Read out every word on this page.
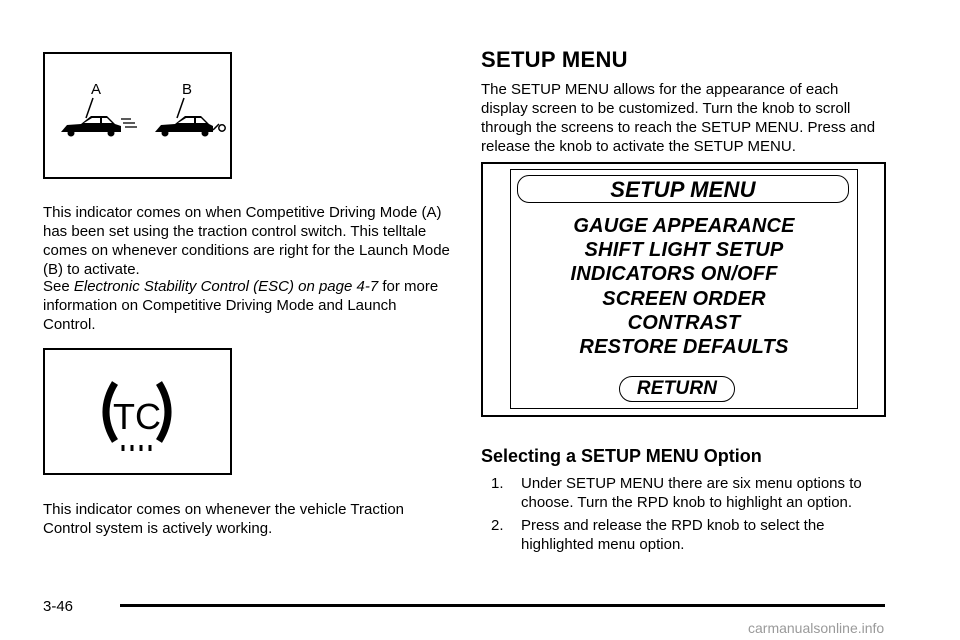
A	B
This indicator comes on when Competitive Driving Mode (A) has been set using the traction control switch. This telltale comes on whenever conditions are right for the Launch Mode (B) to activate.
See Electronic Stability Control (ESC) on page 4-7 for more information on Competitive Driving Mode and Launch Control.
TC
This indicator comes on whenever the vehicle Traction Control system is actively working.
SETUP MENU
The SETUP MENU allows for the appearance of each display screen to be customized. Turn the knob to scroll through the screens to reach the SETUP MENU. Press and release the knob to activate the SETUP MENU.
SETUP MENU
GAUGE APPEARANCE
SHIFT LIGHT SETUP
INDICATORS ON/OFF
SCREEN ORDER
CONTRAST
RESTORE DEFAULTS
RETURN
Selecting a SETUP MENU Option
1. Under SETUP MENU there are six menu options to choose. Turn the RPD knob to highlight an option.
2. Press and release the RPD knob to select the highlighted menu option.
3-46
carmanualsonline.info
